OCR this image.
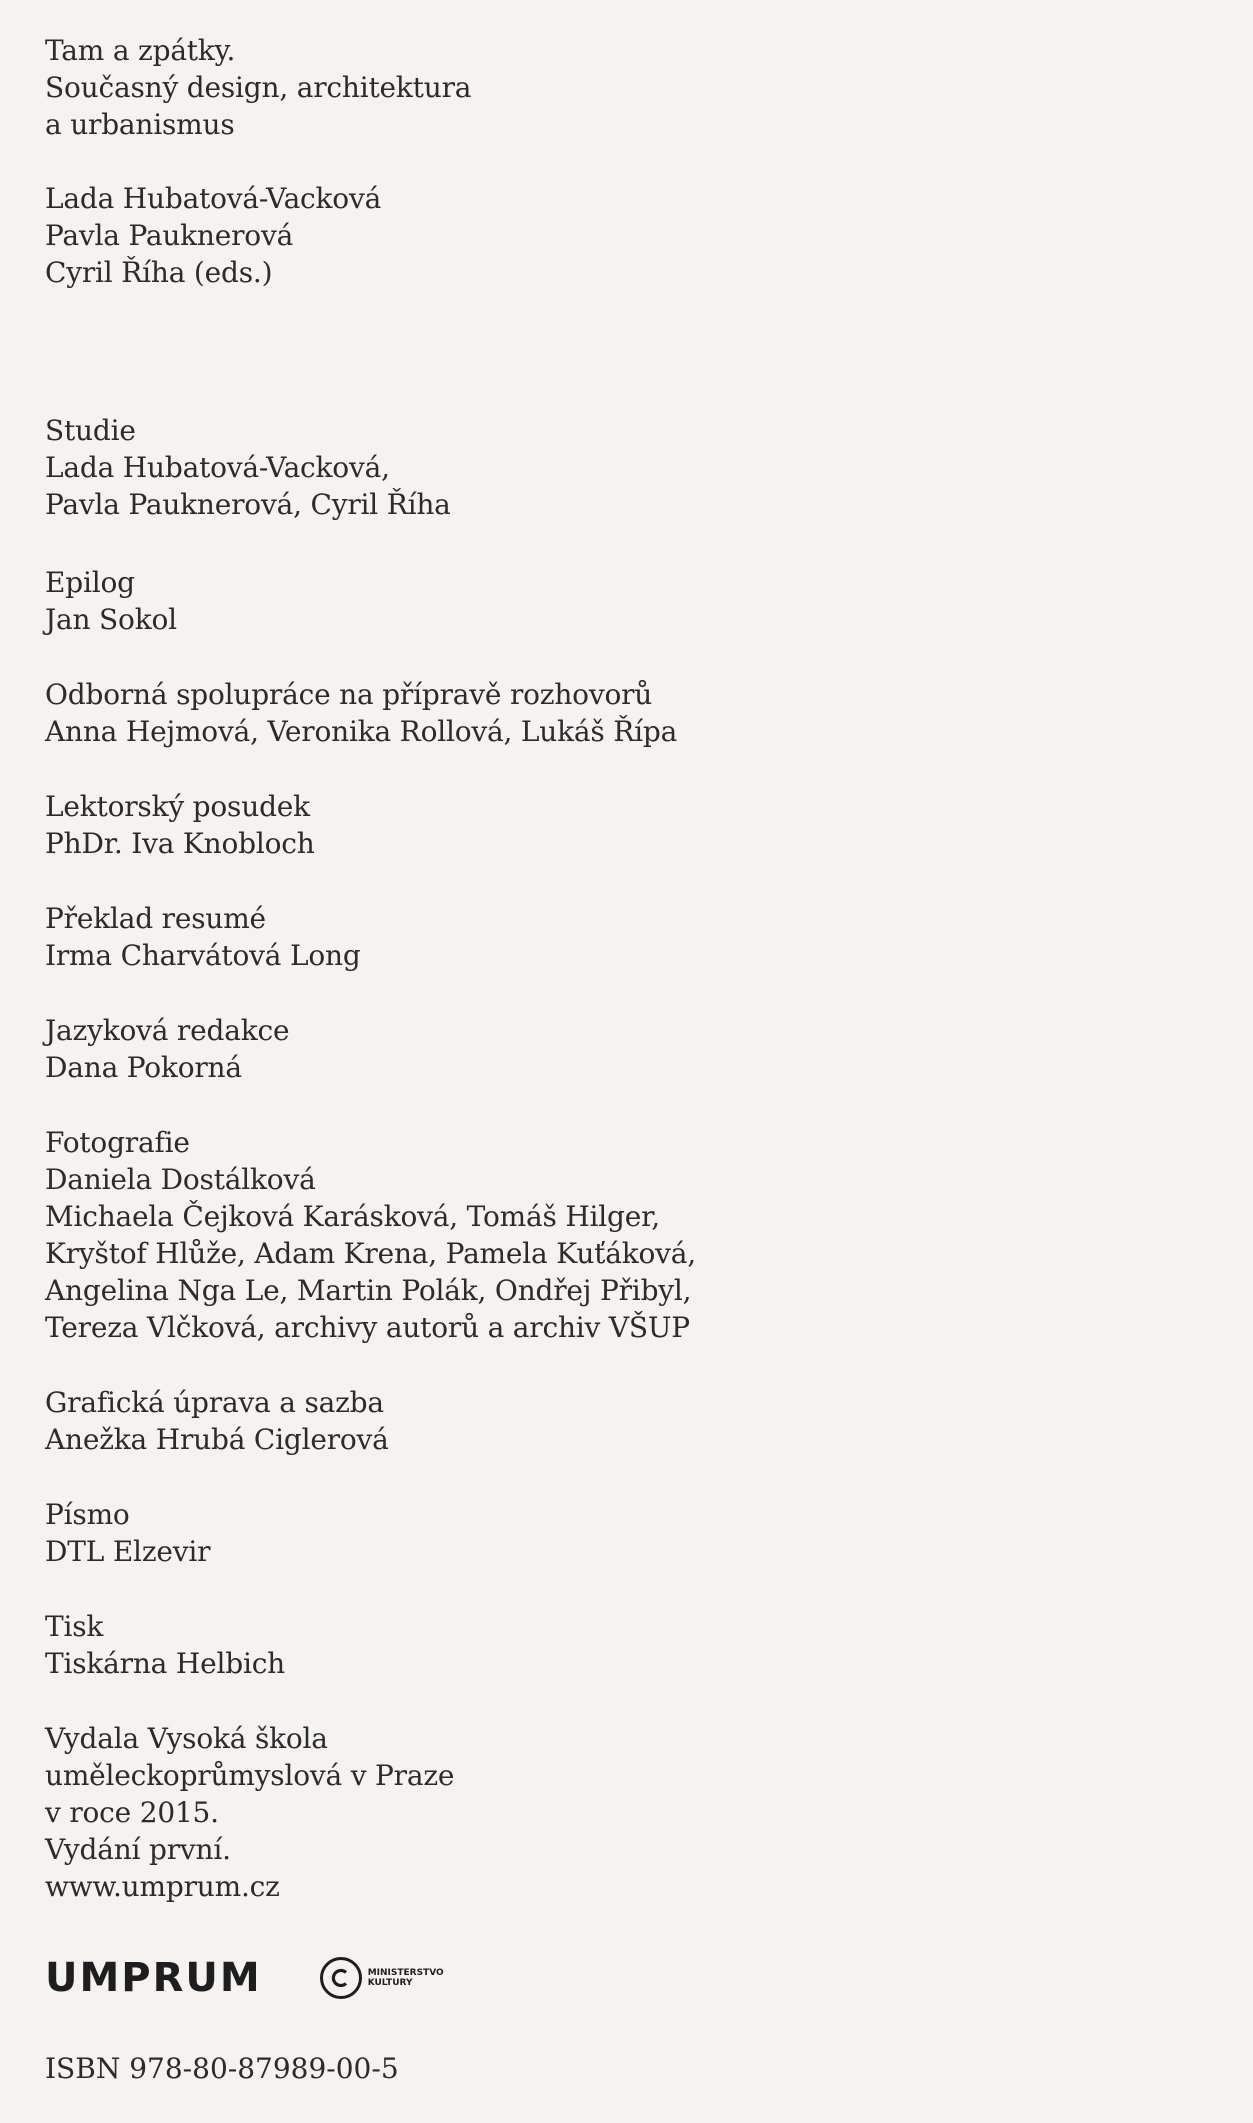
Tam a zpátky.
Současný design, architektura
a urbanismus
Lada Hubatová-Vacková
Pavla Pauknerová
Cyril Říha (eds.)
Studie
Lada Hubatová-Vacková,
Pavla Pauknerová, Cyril Říha
Epilog
Jan Sokol
Odborná spolupráce na přípravě rozhovorů
Anna Hejmová, Veronika Rollová, Lukáš Řípa
Lektorský posudek
PhDr. Iva Knobloch
Překlad resumé
Irma Charvátová Long
Jazyková redakce
Dana Pokorná
Fotografie
Daniela Dostálková
Michaela Čejková Karásková, Tomáš Hilger,
Kryštof Hlůže, Adam Krena, Pamela Kuťáková,
Angelina Nga Le, Martin Polák, Ondřej Přibyl,
Tereza Vlčková, archivy autorů a archiv VŠUP
Grafická úprava a sazba
Anežka Hrubá Ciglerová
Písmo
DTL Elzevir
Tisk
Tiskárna Helbich
Vydala Vysoká škola
uměleckoprůmyslová v Praze
v roce 2015.
Vydání první.
www.umprum.cz
UMPRUM	MINISTERSTVO
KULTURY
ISBN 978-80-87989-00-5
